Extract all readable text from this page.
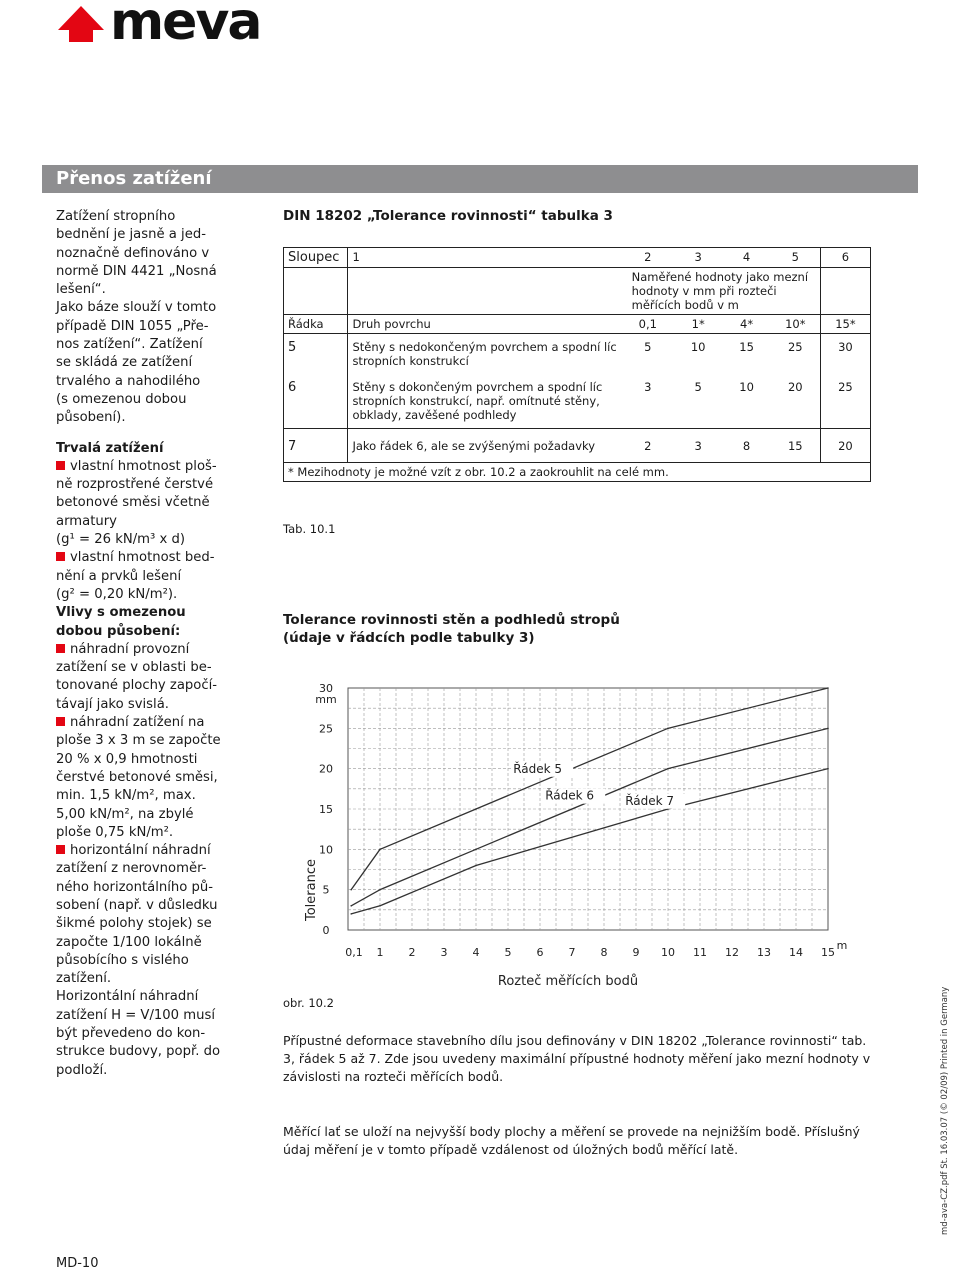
meva
Přenos zatížení
Zatížení stropního
bednění je jasně a jed-
noznačně definováno v
normě DIN 4421 „Nosná
lešení“.
Jako báze slouží v tomto
případě DIN 1055 „Pře-
nos zatížení“. Zatížení
se skládá ze zatížení
trvalého a nahodilého
(s omezenou dobou
působení).

Trvalá zatížení

vlastní hmotnost ploš-
ně rozprostřené čerstvé
betonové směsi včetně
armatury

(g¹ = 26 kN/m³ x d)

vlastní hmotnost bed-
nění a prvků lešení

(g² = 0,20 kN/m²).

Vlivy s omezenou

dobou působení:

náhradní provozní
zatížení se v oblasti be-
tonované plochy započí-
távají jako svislá.
náhradní zatížení na
ploše 3 x 3 m se započte
20 % x 0,9 hmotnosti
čerstvé betonové směsi,
min. 1,5 kN/m², max.
5,00 kN/m², na zbylé
ploše 0,75 kN/m².
horizontální náhradní
zatížení z nerovnoměr-
ného horizontálního pů-
sobení (např. v důsledku
šikmé polohy stojek) se
započte 1/100 lokálně
působícího s vislého
zatížení.
Horizontální náhradní
zatížení H = V/100 musí
být převedeno do kon-
strukce budovy, popř. do
podloží.
DIN 18202 „Tolerance rovinnosti“ tabulka 3
Sloupec	1	2	3	4	5	6
		Naměřené hodnoty jako mezní hodnoty v mm při rozteči měřících bodů v m				
Řádka	Druh povrchu	0,1	1*	4*	10*	15*
5	Stěny s nedokončeným povrchem a spodní líc stropních konstrukcí	5	10	15	25	30
6	Stěny s dokončeným povrchem a spodní líc stropních konstrukcí, např. omítnuté stěny, obklady, zavěšené podhledy	3	5	10	20	25
7	Jako řádek 6, ale se zvýšenými požadavky	2	3	8	15	20
* Mezihodnoty je možné vzít z obr. 10.2 a zaokrouhlit na celé mm.						
Tab. 10.1
Tolerance rovinnosti stěn a podhledů stropů
(údaje v řádcích podle tabulky 3)
0
5
10
15
20
25
30
mm
0,1 1 2 3 4 5 6 7 8 9 10 11 12 13 14 15
m
Rozteč měřících bodů
Tolerance
Řádek 5
Řádek 6	Řádek 7
obr. 10.2
Přípustné deformace stavebního dílu jsou definovány v DIN 18202 „Tolerance rovinnosti“ tab. 3, řádek 5 až 7. Zde jsou uvedeny maximální přípustné hodnoty měření jako mezní hodnoty v závislosti na rozteči měřících bodů.
Měřící lať se uloží na nejvyšší body plochy a měření se provede na nejnižším bodě. Příslušný údaj měření je v tomto případě vzdálenost od úložných bodů měřící latě.	md-ava-CZ.pdf St. 16.03.07 (© 02/09) Printed in Germany
MD-10
